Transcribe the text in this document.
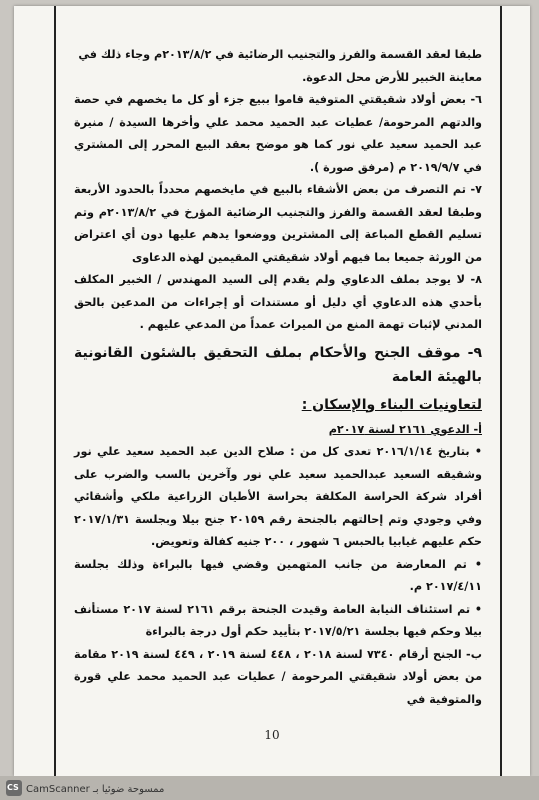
طبقا لعقد القسمة والفرز والتجنيب الرضائية في ٢٠١٣/٨/٢م وجاء ذلك في

معاينة الخبير للأرض محل الدعوة.

٦- بعض أولاد شقيقتي المتوفية قاموا ببيع جزء أو كل ما يخصهم في حصة والدتهم المرحومة/ عطيات عبد الحميد محمد علي وأخرها السيدة / منيرة عبد الحميد سعيد علي نور كما هو موضح بعقد البيع المحرر إلى المشتري في ٢٠١٩/٩/٧ م (مرفق صورة ).

٧- تم التصرف من بعض الأشقاء بالبيع في مايخصهم محدداً بالحدود الأربعة وطبقا لعقد القسمة والفرز والتجنيب الرضائية المؤرخ في ٢٠١٣/٨/٢م وتم تسليم القطع المباعة إلى المشترين ووضعوا يدهم عليها دون أي اعتراض من الورثة جميعا بما فيهم أولاد شقيقتي المقيمين لهذه الدعاوى

٨- لا يوجد بملف الدعاوي ولم يقدم إلى السيد المهندس / الخبير المكلف بأحدي هذه الدعاوي أي دليل أو مستندات أو إجراءات من المدعين بالحق المدني لإثبات تهمة المنع من الميراث عمداً من المدعي عليهم .

٩- موقف الجنح والأحكام بملف التحقيق بالشئون القانونية بالهيئة العامة

لتعاونيات البناء والإسكان :

أ- الدعوي ٢١٦١ لسنة ٢٠١٧م

• بتاريخ ٢٠١٦/١/١٤ تعدى كل من : صلاح الدين عبد الحميد سعيد علي نور وشقيقه السعيد عبدالحميد سعيد علي نور وآخرين بالسب والضرب على أفراد شركة الحراسة المكلفة بحراسة الأطيان الزراعية ملكي وأشقائي وفي وجودي وتم إحالتهم بالجنحة رقم ٢٠١٥٩ جنح بيلا وبجلسة ٢٠١٧/١/٣١ حكم عليهم غيابيا بالحبس ٦ شهور ، ٢٠٠ جنيه كفالة وتعويض.

• تم المعارضة من جانب المتهمين وقضي فيها بالبراءة وذلك بجلسة ٢٠١٧/٤/١١ م.

• تم استئناف النيابة العامة وقيدت الجنحة برقم ٢١٦١ لسنة ٢٠١٧ مستأنف بيلا وحكم فيها بجلسة ٢٠١٧/٥/٢١ بتأييد حكم أول درجة بالبراءة

ب- الجنح أرقام ٧٣٤٠ لسنة ٢٠١٨ ، ٤٤٨ لسنة ٢٠١٩ ، ٤٤٩ لسنة ٢٠١٩ مقامة من بعض أولاد شقيقتي المرحومة / عطيات عبد الحميد محمد علي قورة والمتوفية في

10
CS
CamScanner ممسوحة ضوئيا بـ
